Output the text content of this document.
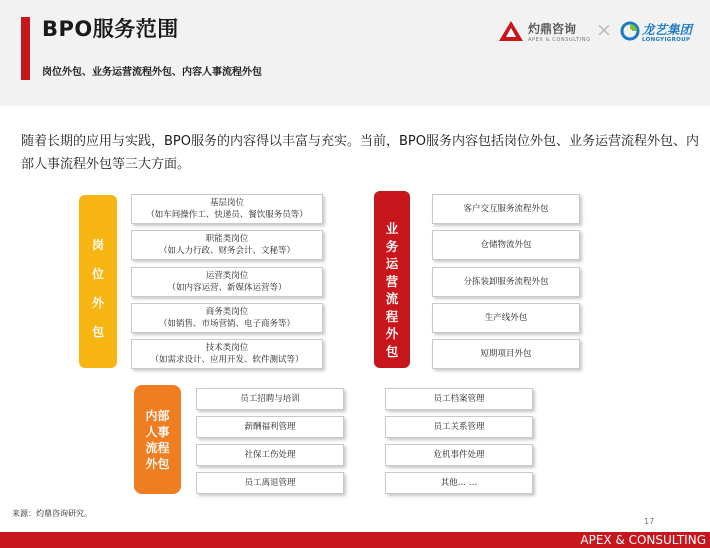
BPO服务范围
岗位外包、业务运营流程外包、内容人事流程外包
灼鼎咨询
APEX & CONSULTING × 龙艺集团
LONGYIGROUP
随着长期的应用与实践，BPO服务的内容得以丰富与充实。当前，BPO服务内容包括岗位外包、业务运营流程外包、内部人事流程外包等三大方面。
岗
位
外
包
基层岗位
（如车间操作工、快递员、餐饮服务员等）
职能类岗位
（如人力行政、财务会计、文秘等）
运营类岗位
（如内容运营、新媒体运营等）
商务类岗位
（如销售、市场营销、电子商务等）
技术类岗位
（如需求设计、应用开发、软件测试等）
业
务
运
营
流
程
外
包
客户交互服务流程外包
仓储物流外包
分拣装卸服务流程外包
生产线外包
短期项目外包
内部
人事
流程
外包
员工招聘与培训
薪酬福利管理
社保工伤处理
员工离退管理
员工档案管理
员工关系管理
危机事件处理
其他… …
来源：灼鼎咨询研究。
17
APEX & CONSULTING
